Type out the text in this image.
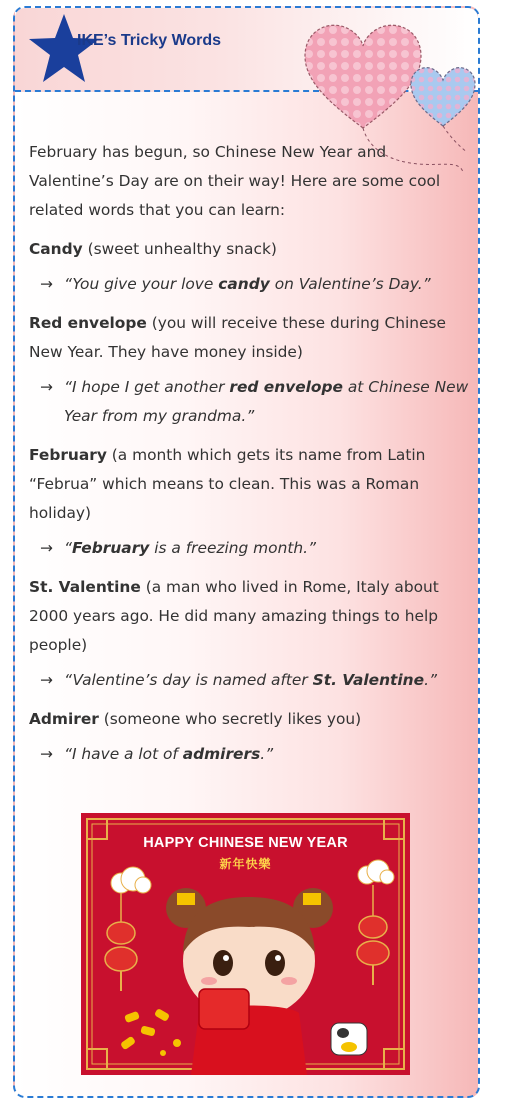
IKE’s Tricky Words

February has begun, so Chinese New Year and Valentine’s Day are on their way! Here are some cool related words that you can learn:

Candy (sweet unhealthy snack)

→ “You give your love candy on Valentine’s Day.”

Red envelope (you will receive these during Chinese New Year. They have money inside)

→ “I hope I get another red envelope at Chinese New Year from my grandma.”

February (a month which gets its name from Latin “Februa” which means to clean. This was a Roman holiday)

→ “February is a freezing month.”

St. Valentine (a man who lived in Rome, Italy about 2000 years ago. He did many amazing things to help people)

→ “Valentine’s day is named after St. Valentine.”

Admirer (someone who secretly likes you)

→ “I have a lot of admirers.”

HAPPY CHINESE NEW YEAR
新年快樂
